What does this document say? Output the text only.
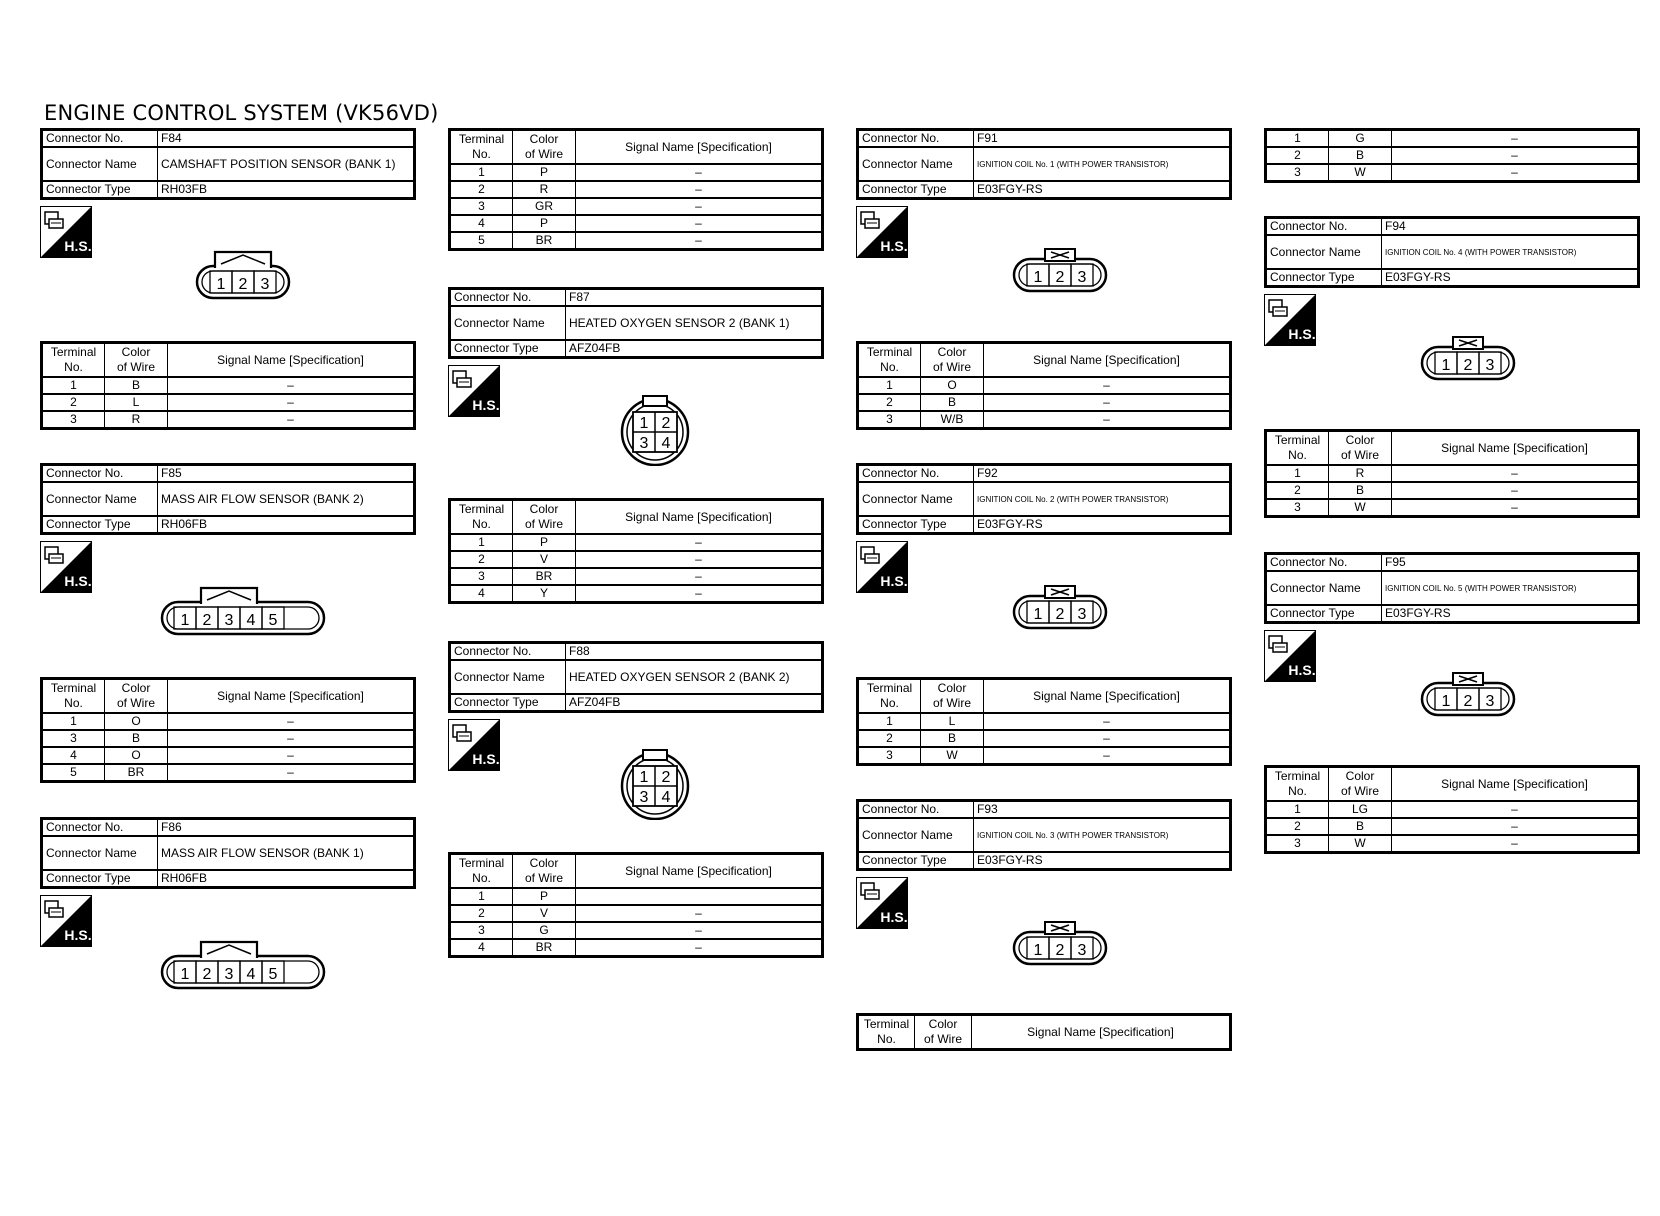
ENGINE CONTROL SYSTEM (VK56VD)
Connector No.	F84
Connector Name	CAMSHAFT POSITION SENSOR (BANK 1)
Connector Type	RH03FB
H.S.
1 2 3
Connector No.	F85
Connector Name	MASS AIR FLOW SENSOR (BANK 2)
Connector Type	RH06FB
H.S.
1 2 3 4 5
Connector No.	F86
Connector Name	MASS AIR FLOW SENSOR (BANK 1)
Connector Type	RH06FB
H.S.
1 2 3 4 5
Connector No.	F87
Connector Name	HEATED OXYGEN SENSOR 2 (BANK 1)
Connector Type	AFZ04FB
H.S.
1 2
3 4
Connector No.	F88
Connector Name	HEATED OXYGEN SENSOR 2 (BANK 2)
Connector Type	AFZ04FB
H.S.
1 2
3 4
Connector No.	F91
Connector Name	IGNITION COIL No. 1 (WITH POWER TRANSISTOR)
Connector Type	E03FGY-RS
H.S.
1 2 3
Connector No.	F92
Connector Name	IGNITION COIL No. 2 (WITH POWER TRANSISTOR)
Connector Type	E03FGY-RS
H.S.
1 2 3
Connector No.	F93
Connector Name	IGNITION COIL No. 3 (WITH POWER TRANSISTOR)
Connector Type	E03FGY-RS
H.S.
1 2 3
Connector No.	F94
Connector Name	IGNITION COIL No. 4 (WITH POWER TRANSISTOR)
Connector Type	E03FGY-RS
H.S.
1 2 3
Connector No.	F95
Connector Name	IGNITION COIL No. 5 (WITH POWER TRANSISTOR)
Connector Type	E03FGY-RS
H.S.
1 2 3
Terminal
No.	Color
of Wire	Signal Name [Specification]
1	B	–
2	L	–
3	R	–
Terminal
No.	Color
of Wire	Signal Name [Specification]
1	O	–
3	B	–
4	O	–
5	BR	–
Terminal
No.	Color
of Wire	Signal Name [Specification]
1	P	–
2	R	–
3	GR	–
4	P	–
5	BR	–
Terminal
No.	Color
of Wire	Signal Name [Specification]
1	P	–
2	V	–
3	BR	–
4	Y	–
Terminal
No.	Color
of Wire	Signal Name [Specification]
1	P	
2	V	–
3	G	–
4	BR	–
Terminal
No.	Color
of Wire	Signal Name [Specification]
1	O	–
2	B	–
3	W/B	–
Terminal
No.	Color
of Wire	Signal Name [Specification]
1	L	–
2	B	–
3	W	–
Terminal
No.	Color
of Wire	Signal Name [Specification]
1	G	–
2	B	–
3	W	–
Terminal
No.	Color
of Wire	Signal Name [Specification]
1	R	–
2	B	–
3	W	–
Terminal
No.	Color
of Wire	Signal Name [Specification]
1	LG	–
2	B	–
3	W	–
